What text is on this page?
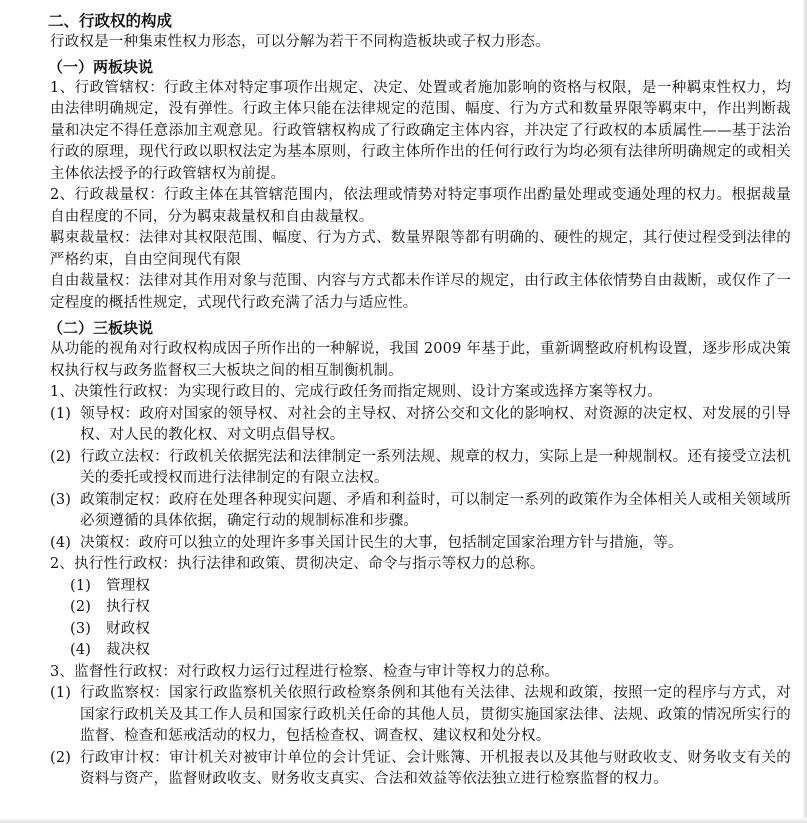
二、行政权的构成

行政权是一种集束性权力形态，可以分解为若干不同构造板块或子权力形态。

（一）两板块说

1、行政管辖权：行政主体对特定事项作出规定、决定、处置或者施加影响的资格与权限，是一种羁束性权力，均由法律明确规定，没有弹性。行政主体只能在法律规定的范围、幅度、行为方式和数量界限等羁束中，作出判断裁量和决定不得任意添加主观意见。行政管辖权构成了行政确定主体内容，并决定了行政权的本质属性——基于法治行政的原理，现代行政以职权法定为基本原则，行政主体所作出的任何行政行为均必须有法律所明确规定的或相关主体依法授予的行政管辖权为前提。

2、行政裁量权：行政主体在其管辖范围内，依法理或情势对特定事项作出酌量处理或变通处理的权力。根据裁量自由程度的不同，分为羁束裁量权和自由裁量权。

羁束裁量权：法律对其权限范围、幅度、行为方式、数量界限等都有明确的、硬性的规定，其行使过程受到法律的严格约束，自由空间现代有限

自由裁量权：法律对其作用对象与范围、内容与方式都未作详尽的规定，由行政主体依情势自由裁断，或仅作了一定程度的概括性规定，式现代行政充满了活力与适应性。

（二）三板块说

从功能的视角对行政权构成因子所作出的一种解说，我国 2009 年基于此，重新调整政府机构设置，逐步形成决策权执行权与政务监督权三大板块之间的相互制衡机制。

1、决策性行政权：为实现行政目的、完成行政任务而指定规则、设计方案或选择方案等权力。

(1) 领导权：政府对国家的领导权、对社会的主导权、对挤公交和文化的影响权、对资源的决定权、对发展的引导权、对人民的教化权、对文明点倡导权。

(2) 行政立法权：行政机关依据宪法和法律制定一系列法规、规章的权力，实际上是一种规制权。还有接受立法机关的委托或授权而进行法律制定的有限立法权。

(3) 政策制定权：政府在处理各种现实问题、矛盾和利益时，可以制定一系列的政策作为全体相关人或相关领域所必须遵循的具体依据，确定行动的规制标准和步骤。

(4) 决策权：政府可以独立的处理许多事关国计民生的大事，包括制定国家治理方针与措施，等。

2、执行性行政权：执行法律和政策、贯彻决定、命令与指示等权力的总称。

(1) 管理权

(2) 执行权

(3) 财政权

(4) 裁决权

3、监督性行政权：对行政权力运行过程进行检察、检查与审计等权力的总称。

(1) 行政监察权：国家行政监察机关依照行政检察条例和其他有关法律、法规和政策，按照一定的程序与方式，对国家行政机关及其工作人员和国家行政机关任命的其他人员，贯彻实施国家法律、法规、政策的情况所实行的监督、检查和惩戒活动的权力，包括检查权、调查权、建议权和处分权。

(2) 行政审计权：审计机关对被审计单位的会计凭证、会计账簿、开机报表以及其他与财政收支、财务收支有关的资料与资产，监督财政收支、财务收支真实、合法和效益等依法独立进行检察监督的权力。
